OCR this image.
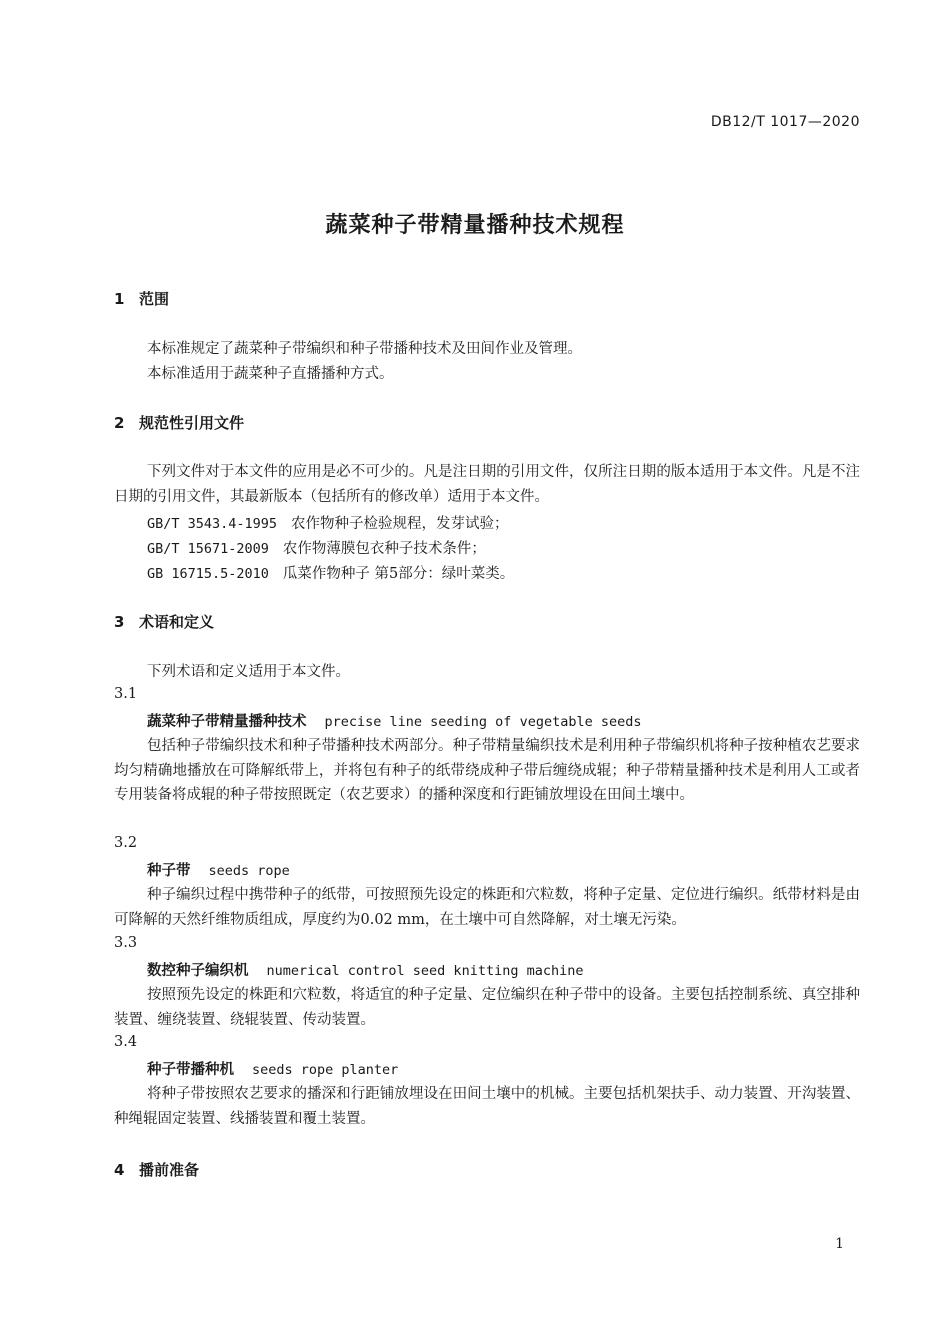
DB12/T 1017—2020
蔬菜种子带精量播种技术规程
1 范围
本标准规定了蔬菜种子带编织和种子带播种技术及田间作业及管理。
本标准适用于蔬菜种子直播播种方式。
2 规范性引用文件
下列文件对于本文件的应用是必不可少的。凡是注日期的引用文件，仅所注日期的版本适用于本文件。凡是不注日期的引用文件，其最新版本（包括所有的修改单）适用于本文件。
GB/T 3543.4-1995 农作物种子检验规程，发芽试验；
GB/T 15671-2009 农作物薄膜包衣种子技术条件；
GB 16715.5-2010 瓜菜作物种子 第5部分：绿叶菜类。
3 术语和定义
下列术语和定义适用于本文件。
3.1
蔬菜种子带精量播种技术 precise line seeding of vegetable seeds
包括种子带编织技术和种子带播种技术两部分。种子带精量编织技术是利用种子带编织机将种子按种植农艺要求均匀精确地播放在可降解纸带上，并将包有种子的纸带绕成种子带后缠绕成辊；种子带精量播种技术是利用人工或者专用装备将成辊的种子带按照既定（农艺要求）的播种深度和行距铺放埋设在田间土壤中。
3.2
种子带 seeds rope
种子编织过程中携带种子的纸带，可按照预先设定的株距和穴粒数，将种子定量、定位进行编织。纸带材料是由可降解的天然纤维物质组成，厚度约为0.02 mm，在土壤中可自然降解，对土壤无污染。
3.3
数控种子编织机 numerical control seed knitting machine
按照预先设定的株距和穴粒数，将适宜的种子定量、定位编织在种子带中的设备。主要包括控制系统、真空排种装置、缠绕装置、绕辊装置、传动装置。
3.4
种子带播种机 seeds rope planter
将种子带按照农艺要求的播深和行距铺放埋设在田间土壤中的机械。主要包括机架扶手、动力装置、开沟装置、种绳辊固定装置、线播装置和覆土装置。
4 播前准备
1
